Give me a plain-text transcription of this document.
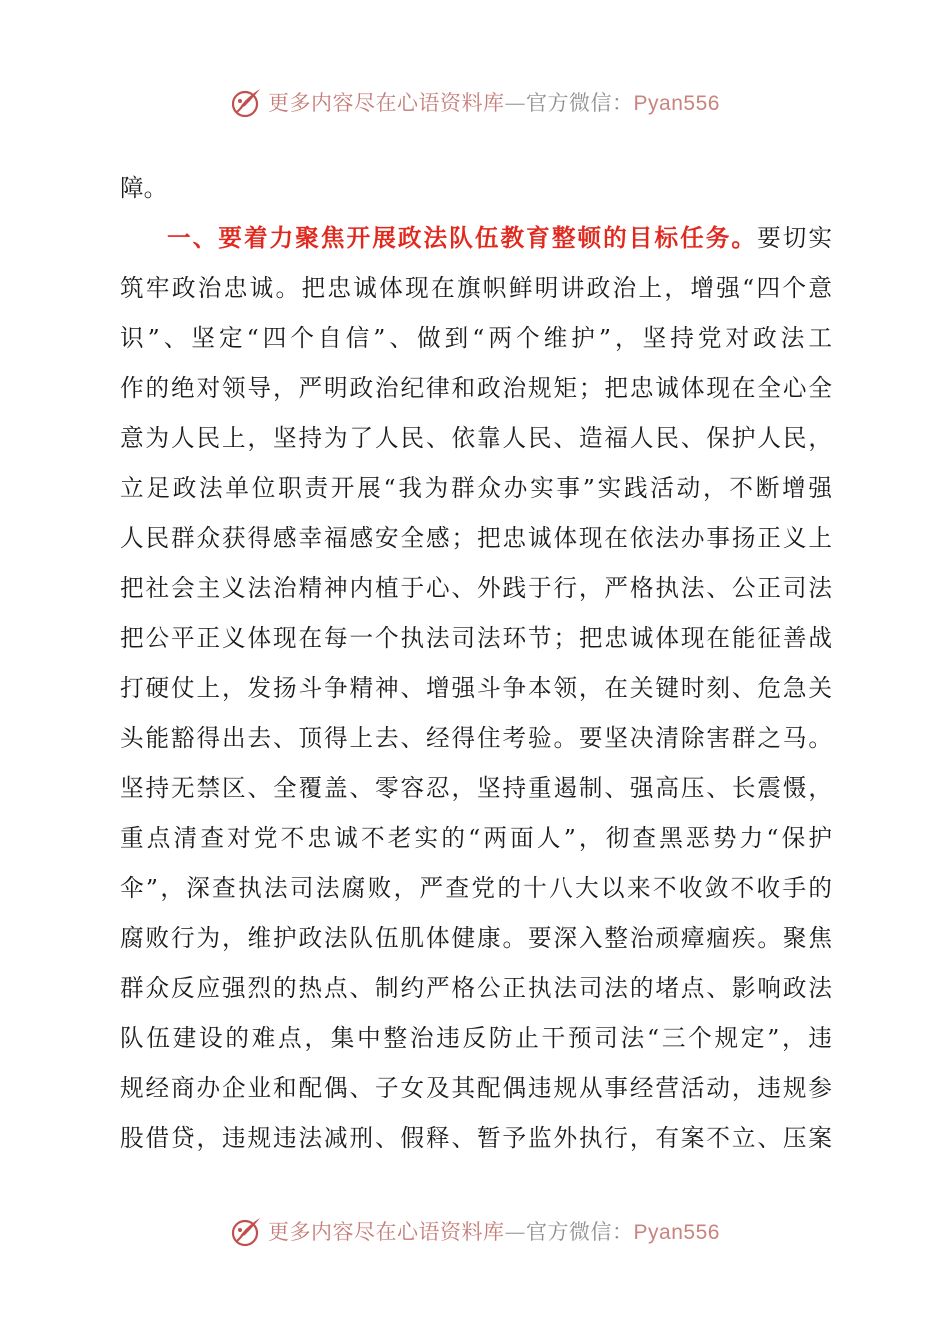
更多内容尽在心语资料库—官方微信：Pyan556
障。
一、要着力聚焦开展政法队伍教育整顿的目标任务。要切实
筑牢政治忠诚。把忠诚体现在旗帜鲜明讲政治上，增强“四个意
识”、坚定“四个自信”、做到“两个维护”，坚持党对政法工
作的绝对领导，严明政治纪律和政治规矩；把忠诚体现在全心全
意为人民上，坚持为了人民、依靠人民、造福人民、保护人民，
立足政法单位职责开展“我为群众办实事”实践活动，不断增强
人民群众获得感幸福感安全感；把忠诚体现在依法办事扬正义上
把社会主义法治精神内植于心、外践于行，严格执法、公正司法
把公平正义体现在每一个执法司法环节；把忠诚体现在能征善战
打硬仗上，发扬斗争精神、增强斗争本领，在关键时刻、危急关
头能豁得出去、顶得上去、经得住考验。要坚决清除害群之马。
坚持无禁区、全覆盖、零容忍，坚持重遏制、强高压、长震慑，
重点清查对党不忠诚不老实的“两面人”，彻查黑恶势力“保护
伞”，深查执法司法腐败，严查党的十八大以来不收敛不收手的
腐败行为，维护政法队伍肌体健康。要深入整治顽瘴痼疾。聚焦
群众反应强烈的热点、制约严格公正执法司法的堵点、影响政法
队伍建设的难点，集中整治违反防止干预司法“三个规定”，违
规经商办企业和配偶、子女及其配偶违规从事经营活动，违规参
股借贷，违规违法减刑、假释、暂予监外执行，有案不立、压案
更多内容尽在心语资料库—官方微信：Pyan556
